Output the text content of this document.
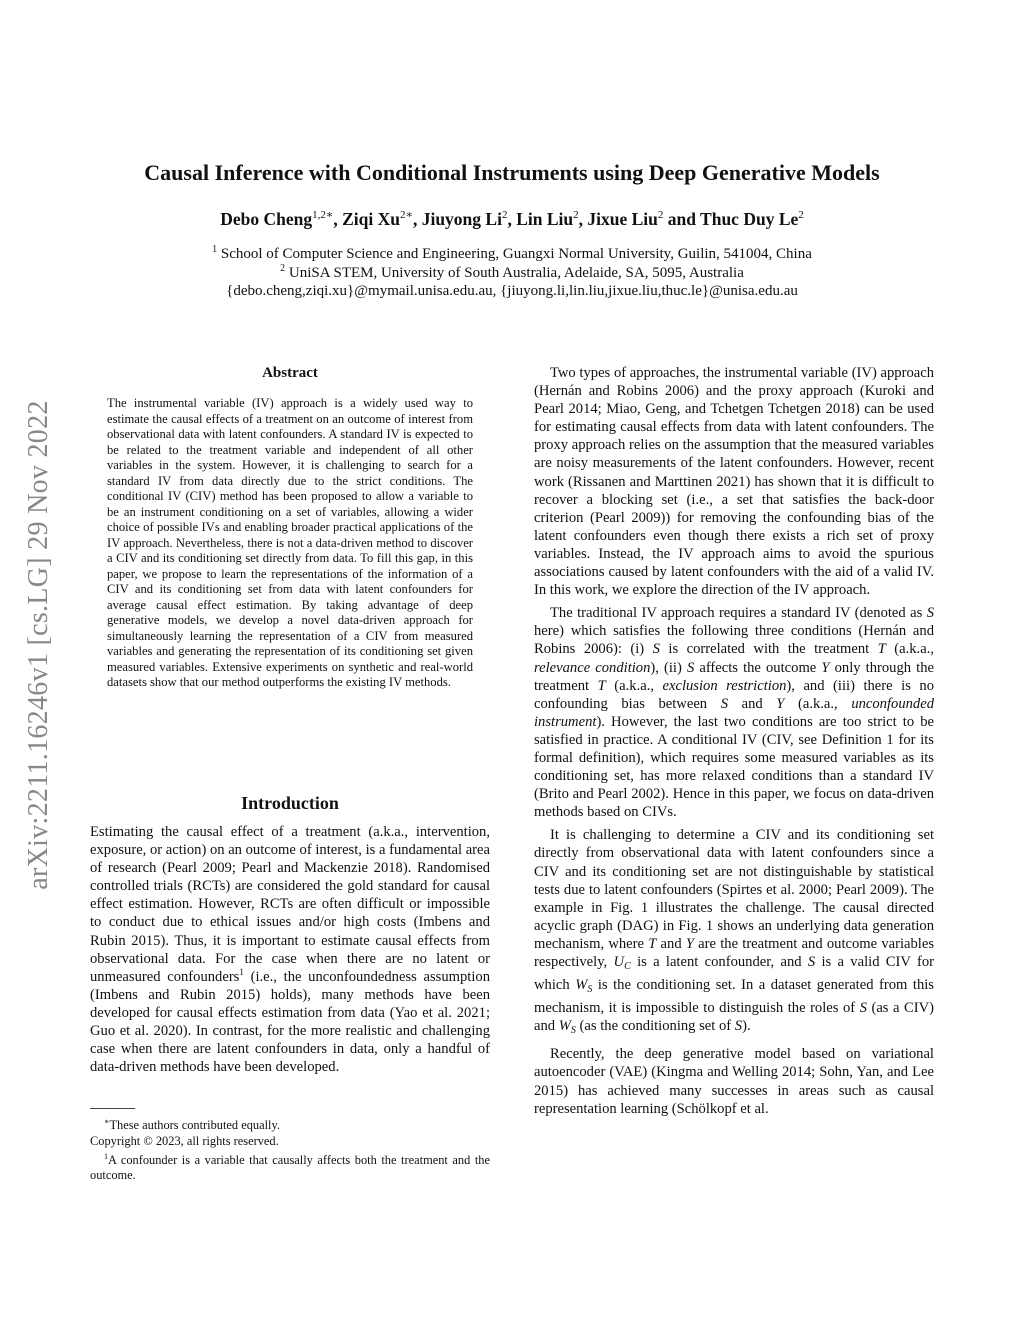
arXiv:2211.16246v1 [cs.LG] 29 Nov 2022
Causal Inference with Conditional Instruments using Deep Generative Models
Debo Cheng$^{1,2∗}$, Ziqi $Xu^{2∗}$, Jiuyong Li$^2$, Lin Liu$^2$, Jixue Liu$^2$ and Thuc Duy Le$^2$
$^1$ School of Computer Science and Engineering, Guangxi Normal University, Guilin, 541004, China
$^2$ UniSA STEM, University of South Australia, Adelaide, SA, 5095, Australia
{debo.cheng,ziqi.xu}@mymail.unisa.edu.au, {jiuyong.li,lin.liu,jixue.liu,thuc.le}@unisa.edu.au
Abstract
The instrumental variable (IV) approach is a widely used way to estimate the causal effects of a treatment on an outcome of interest from observational data with latent confounders. A standard IV is expected to be related to the treatment variable and independent of all other variables in the system. However, it is challenging to search for a standard IV from data directly due to the strict conditions. The conditional IV (CIV) method has been proposed to allow a variable to be an instrument conditioning on a set of variables, allowing a wider choice of possible IVs and enabling broader practical applications of the IV approach. Nevertheless, there is not a data-driven method to discover a CIV and its conditioning set directly from data. To fill this gap, in this paper, we propose to learn the representations of the information of a CIV and its conditioning set from data with latent confounders for average causal effect estimation. By taking advantage of deep generative models, we develop a novel data-driven approach for simultaneously learning the representation of a CIV from measured variables and generating the representation of its conditioning set given measured variables. Extensive experiments on synthetic and real-world datasets show that our method outperforms the existing IV methods.
Introduction
Estimating the causal effect of a treatment (a.k.a., intervention, exposure, or action) on an outcome of interest, is a fundamental area of research (Pearl 2009; Pearl and Mackenzie 2018). Randomised controlled trials (RCTs) are considered the gold standard for causal effect estimation. However, RCTs are often difficult or impossible to conduct due to ethical issues and/or high costs (Imbens and Rubin 2015). Thus, it is important to estimate causal effects from observational data. For the case when there are no latent or unmeasured confounders$^1$ (i.e., the unconfoundedness assumption (Imbens and Rubin 2015) holds), many methods have been developed for causal effects estimation from data (Yao et al. 2021; Guo et al. 2020). In contrast, for the more realistic and challenging case when there are latent confounders in data, only a handful of data-driven methods have been developed.

∗These authors contributed equally.

Copyright © 2023, all rights reserved.

$^1$A confounder is a variable that causally affects both the treatment and the outcome.

Two types of approaches, the instrumental variable (IV) approach (Hernán and Robins 2006) and the proxy approach (Kuroki and Pearl 2014; Miao, Geng, and Tchetgen Tchetgen 2018) can be used for estimating causal effects from data with latent confounders. The proxy approach relies on the assumption that the measured variables are noisy measurements of the latent confounders. However, recent work (Rissanen and Marttinen 2021) has shown that it is difficult to recover a blocking set (i.e., a set that satisfies the back-door criterion (Pearl 2009)) for removing the confounding bias of the latent confounders even though there exists a rich set of proxy variables. Instead, the IV approach aims to avoid the spurious associations caused by latent confounders with the aid of a valid IV. In this work, we explore the direction of the IV approach.

The traditional IV approach requires a standard IV (denoted as S here) which satisfies the following three conditions (Hernán and Robins 2006): (i) S is correlated with the treatment T (a.k.a., relevance condition), (ii) S affects the outcome Y only through the treatment T (a.k.a., exclusion restriction), and (iii) there is no confounding bias between S and Y (a.k.a., unconfounded instrument). However, the last two conditions are too strict to be satisfied in practice. A conditional IV (CIV, see Definition 1 for its formal definition), which requires some measured variables as its conditioning set, has more relaxed conditions than a standard IV (Brito and Pearl 2002). Hence in this paper, we focus on data-driven methods based on CIVs.

It is challenging to determine a CIV and its conditioning set directly from observational data with latent confounders since a CIV and its conditioning set are not distinguishable by statistical tests due to latent confounders (Spirtes et al. 2000; Pearl 2009). The example in Fig. 1 illustrates the challenge. The causal directed acyclic graph (DAG) in Fig. 1 shows an underlying data generation mechanism, where T and Y are the treatment and outcome variables respectively, $U_C$ is a latent confounder, and S is a valid CIV for which $W_S$ is the conditioning set. In a dataset generated from this mechanism, it is impossible to distinguish the roles of S (as a CIV) and $W_S$ (as the conditioning set of S).

Recently, the deep generative model based on variational autoencoder (VAE) (Kingma and Welling 2014; Sohn, Yan, and Lee 2015) has achieved many successes in areas such as causal representation learning (Schölkopf et al.
